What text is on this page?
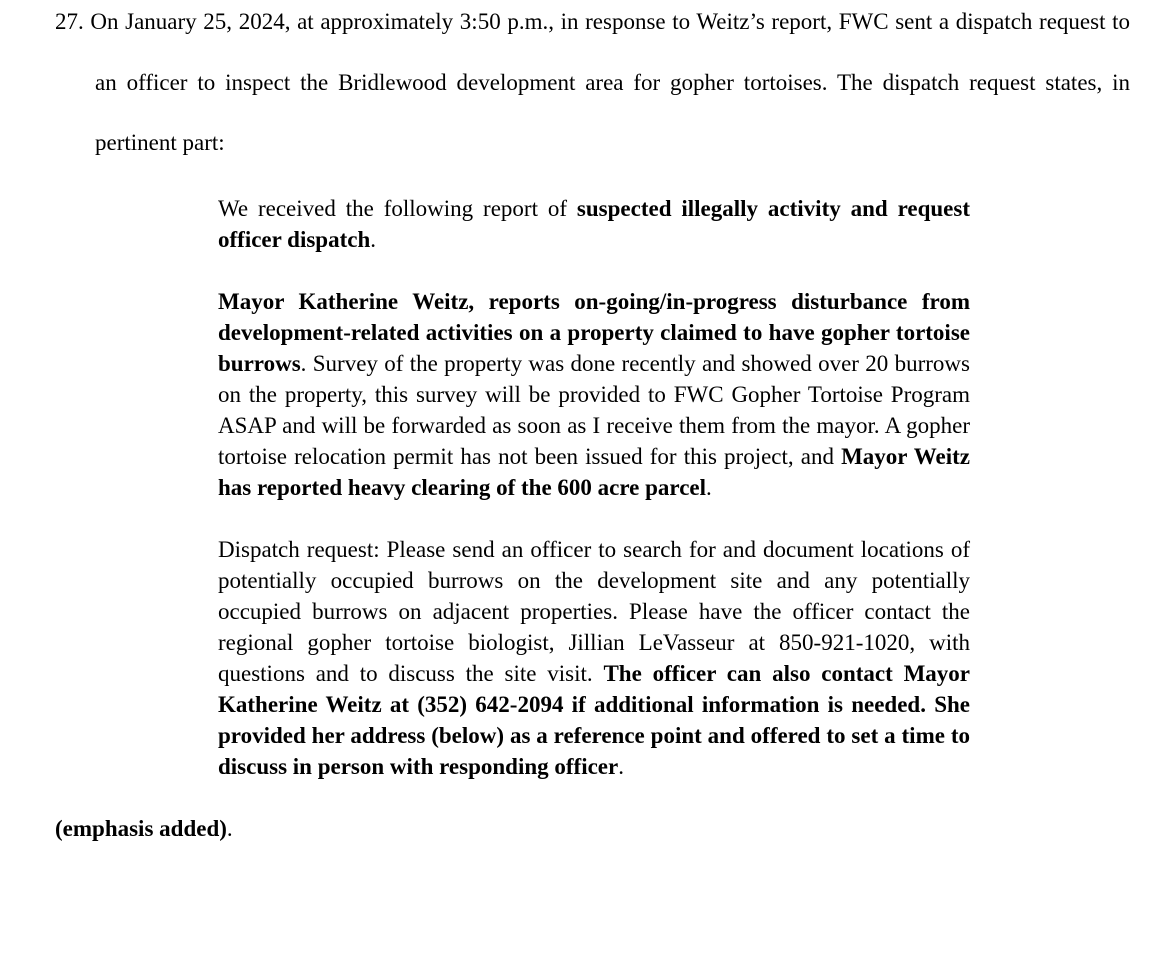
27. On January 25, 2024, at approximately 3:50 p.m., in response to Weitz’s report, FWC sent a dispatch request to an officer to inspect the Bridlewood development area for gopher tortoises. The dispatch request states, in pertinent part:

We received the following report of suspected illegally activity and request officer dispatch.

Mayor Katherine Weitz, reports on-going/in-progress disturbance from development-related activities on a property claimed to have gopher tortoise burrows. Survey of the property was done recently and showed over 20 burrows on the property, this survey will be provided to FWC Gopher Tortoise Program ASAP and will be forwarded as soon as I receive them from the mayor. A gopher tortoise relocation permit has not been issued for this project, and Mayor Weitz has reported heavy clearing of the 600 acre parcel.

Dispatch request: Please send an officer to search for and document locations of potentially occupied burrows on the development site and any potentially occupied burrows on adjacent properties. Please have the officer contact the regional gopher tortoise biologist, Jillian LeVasseur at 850-921-1020, with questions and to discuss the site visit. The officer can also contact Mayor Katherine Weitz at (352) 642-2094 if additional information is needed. She provided her address (below) as a reference point and offered to set a time to discuss in person with responding officer.

(emphasis added).
